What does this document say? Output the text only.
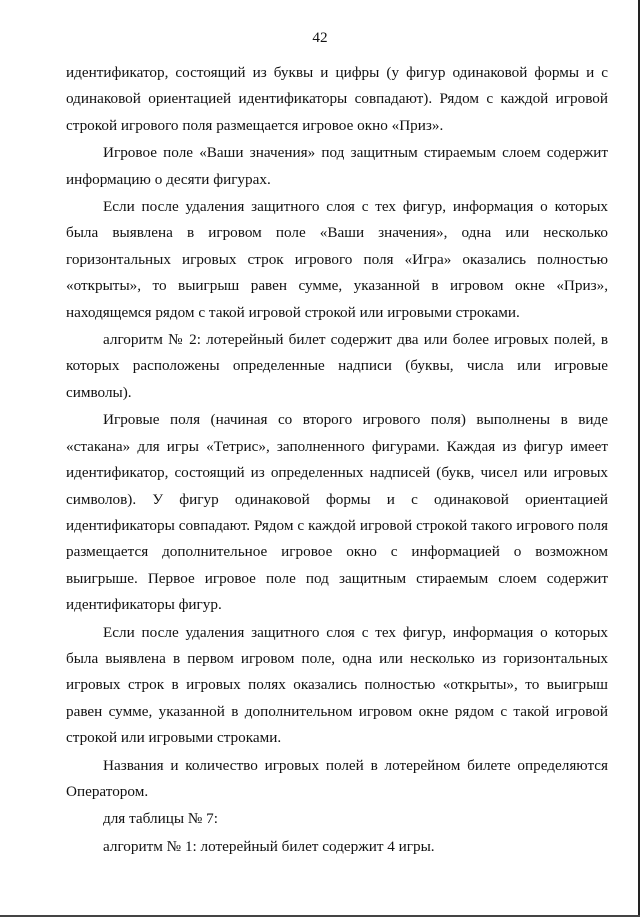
42

идентификатор, состоящий из буквы и цифры (у фигур одинаковой формы и с одинаковой ориентацией идентификаторы совпадают). Рядом с каждой игровой строкой игрового поля размещается игровое окно «Приз».

Игровое поле «Ваши значения» под защитным стираемым слоем содержит информацию о десяти фигурах.

Если после удаления защитного слоя с тех фигур, информация о которых была выявлена в игровом поле «Ваши значения», одна или несколько горизонтальных игровых строк игрового поля «Игра» оказались полностью «открыты», то выигрыш равен сумме, указанной в игровом окне «Приз», находящемся рядом с такой игровой строкой или игровыми строками.

алгоритм № 2: лотерейный билет содержит два или более игровых полей, в которых расположены определенные надписи (буквы, числа или игровые символы).

Игровые поля (начиная со второго игрового поля) выполнены в виде «стакана» для игры «Тетрис», заполненного фигурами. Каждая из фигур имеет идентификатор, состоящий из определенных надписей (букв, чисел или игровых символов). У фигур одинаковой формы и с одинаковой ориентацией идентификаторы совпадают. Рядом с каждой игровой строкой такого игрового поля размещается дополнительное игровое окно с информацией о возможном выигрыше. Первое игровое поле под защитным стираемым слоем содержит идентификаторы фигур.

Если после удаления защитного слоя с тех фигур, информация о которых была выявлена в первом игровом поле, одна или несколько из горизонтальных игровых строк в игровых полях оказались полностью «открыты», то выигрыш равен сумме, указанной в дополнительном игровом окне рядом с такой игровой строкой или игровыми строками.

Названия и количество игровых полей в лотерейном билете определяются Оператором.

для таблицы № 7:

алгоритм № 1: лотерейный билет содержит 4 игры.
